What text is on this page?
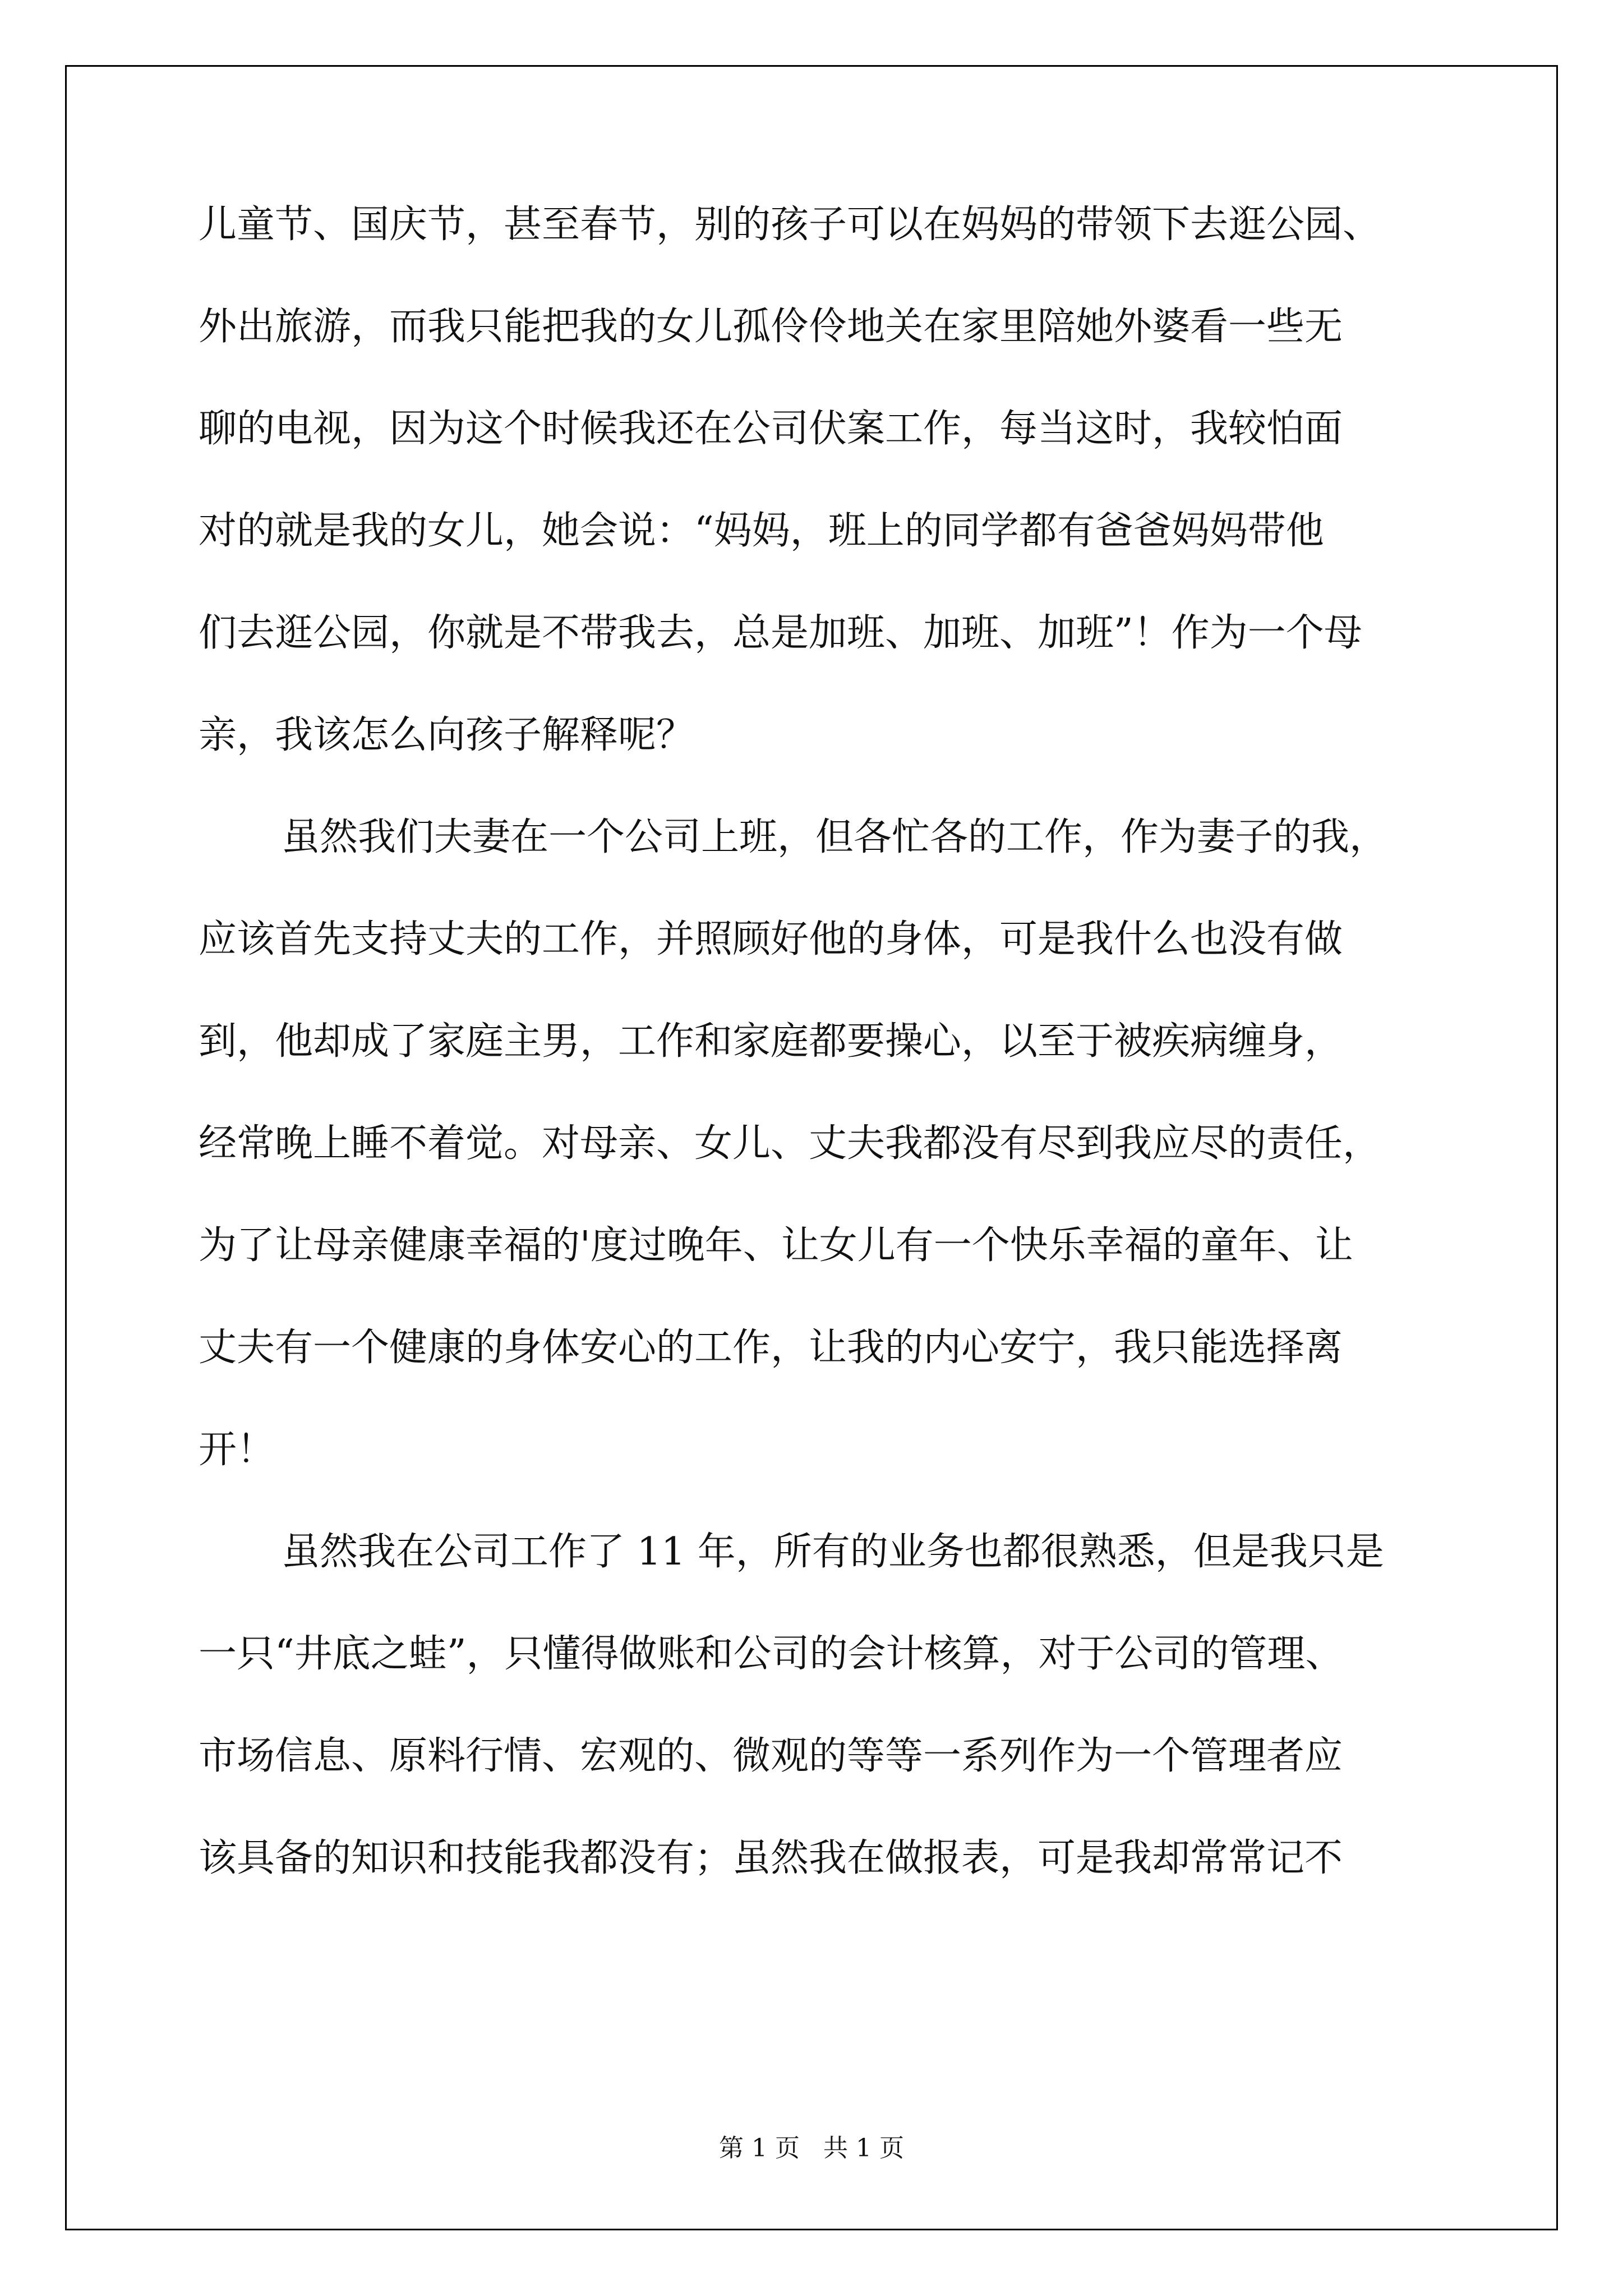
儿童节、国庆节，甚至春节，别的孩子可以在妈妈的带领下去逛公园、
外出旅游，而我只能把我的女儿孤伶伶地关在家里陪她外婆看一些无
聊的电视，因为这个时候我还在公司伏案工作，每当这时，我较怕面
对的就是我的女儿，她会说：“妈妈，班上的同学都有爸爸妈妈带他
们去逛公园，你就是不带我去，总是加班、加班、加班”！作为一个母
亲，我该怎么向孩子解释呢？
虽然我们夫妻在一个公司上班，但各忙各的工作，作为妻子的我，
应该首先支持丈夫的工作，并照顾好他的身体，可是我什么也没有做
到，他却成了家庭主男，工作和家庭都要操心，以至于被疾病缠身，
经常晚上睡不着觉。对母亲、女儿、丈夫我都没有尽到我应尽的责任，
为了让母亲健康幸福的'度过晚年、让女儿有一个快乐幸福的童年、让
丈夫有一个健康的身体安心的工作，让我的内心安宁，我只能选择离
开！
虽然我在公司工作了 11 年，所有的业务也都很熟悉，但是我只是
一只“井底之蛙”，只懂得做账和公司的会计核算，对于公司的管理、
市场信息、原料行情、宏观的、微观的等等一系列作为一个管理者应
该具备的知识和技能我都没有；虽然我在做报表，可是我却常常记不
第 1 页 共 1 页
